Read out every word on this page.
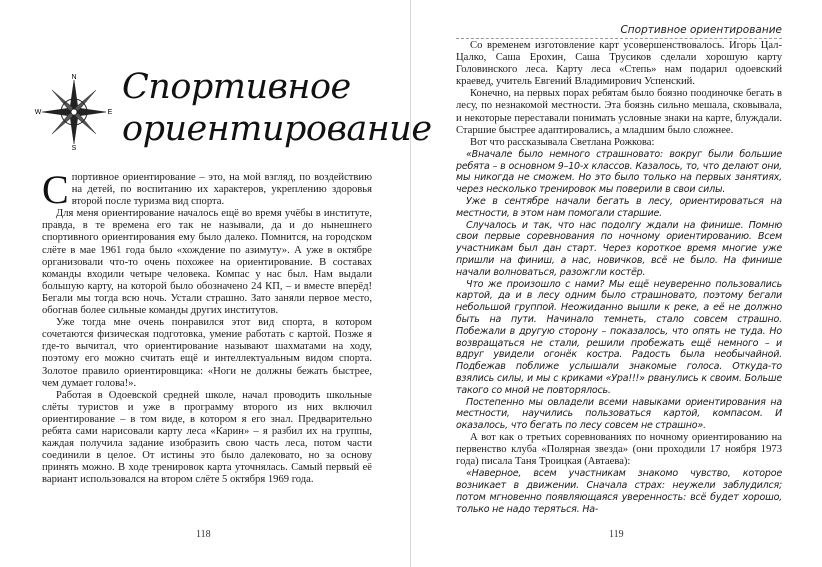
N
E
S
W
Спортивное
ориентирование

Спортивное ориентирование – это, на мой взгляд, по воздействию на детей, по воспитанию их характеров, укреплению здоровья второй после туризма вид спорта.

Для меня ориентирование началось ещё во время учёбы в институте, правда, в те времена его так не называли, да и до нынешнего спортивного ориентирования ему было далеко. Помнится, на городском слёте в мае 1961 года было «хождение по азимуту». А уже в октябре организовали что-то очень похожее на ориентирование. В составах команды входили четыре человека. Компас у нас был. Нам выдали большую карту, на которой было обозначено 24 КП, – и вместе вперёд! Бегали мы тогда всю ночь. Устали страшно. Зато заняли первое место, обогнав более сильные команды других институтов.

Уже тогда мне очень понравился этот вид спорта, в котором сочетаются физическая подготовка, умение работать с картой. Позже я где-то вычитал, что ориентирование называют шахматами на ходу, поэтому его можно считать ещё и интеллектуальным видом спорта. Золотое правило ориентировщика: «Ноги не должны бежать быстрее, чем думает голова!».

Работая в Одоевской средней школе, начал проводить школьные слёты туристов и уже в программу второго из них включил ориентирование – в том виде, в котором я его знал. Предварительно ребята сами нарисовали карту леса «Карин» – я разбил их на группы, каждая получила задание изобразить свою часть леса, потом части соединили в целое. От истины это было далековато, но за основу принять можно. В ходе тренировок карта уточнялась. Самый первый её вариант использовался на втором слёте 5 октября 1969 года.

118
Спортивное ориентирование

Со временем изготовление карт усовершенствовалось. Игорь Цал-Цалко, Саша Ерохин, Саша Трусиков сделали хорошую карту Головинского леса. Карту леса «Степь» нам подарил одоевский краевед, учитель Евгений Владимирович Успенский.

Конечно, на первых порах ребятам было боязно поодиночке бегать в лесу, по незнакомой местности. Эта боязнь сильно мешала, сковывала, и некоторые переставали понимать условные знаки на карте, блуждали. Старшие быстрее адаптировались, а младшим было сложнее.

Вот что рассказывала Светлана Рожкова:

«Вначале было немного страшновато: вокруг были большие ребята – в основном 9–10-х классов. Казалось, то, что делают они, мы никогда не сможем. Но это было только на первых занятиях, через несколько тренировок мы поверили в свои силы.

Уже в сентябре начали бегать в лесу, ориентироваться на местности, в этом нам помогали старшие.

Случалось и так, что нас подолгу ждали на финише. Помню свои первые соревнования по ночному ориентированию. Всем участникам был дан старт. Через короткое время многие уже пришли на финиш, а нас, новичков, всё не было. На финише начали волноваться, разожгли костёр.

Что же произошло с нами? Мы ещё неуверенно пользовались картой, да и в лесу одним было страшновато, поэтому бегали небольшой группой. Неожиданно вышли к реке, а её не должно быть на пути. Начинало темнеть, стало совсем страшно. Побежали в другую сторону – показалось, что опять не туда. Но возвращаться не стали, решили пробежать ещё немного – и вдруг увидели огонёк костра. Радость была необычайной. Подбежав поближе услышали знакомые голоса. Откуда-то взялись силы, и мы с криками «Ура!!!» рванулись к своим. Больше такого со мной не повторялось.

Постепенно мы овладели всеми навыками ориентирования на местности, научились пользоваться картой, компасом. И оказалось, что бегать по лесу совсем не страшно».

А вот как о третьих соревнованиях по ночному ориентированию на первенство клуба «Полярная звезда» (они проходили 17 ноября 1973 года) писала Таня Троицкая (Автаева):

«Наверное, всем участникам знакомо чувство, которое возникает в движении. Сначала страх: неужели заблудился; потом мгновенно появляющаяся уверенность: всё будет хорошо, только не надо теряться. На-

119
